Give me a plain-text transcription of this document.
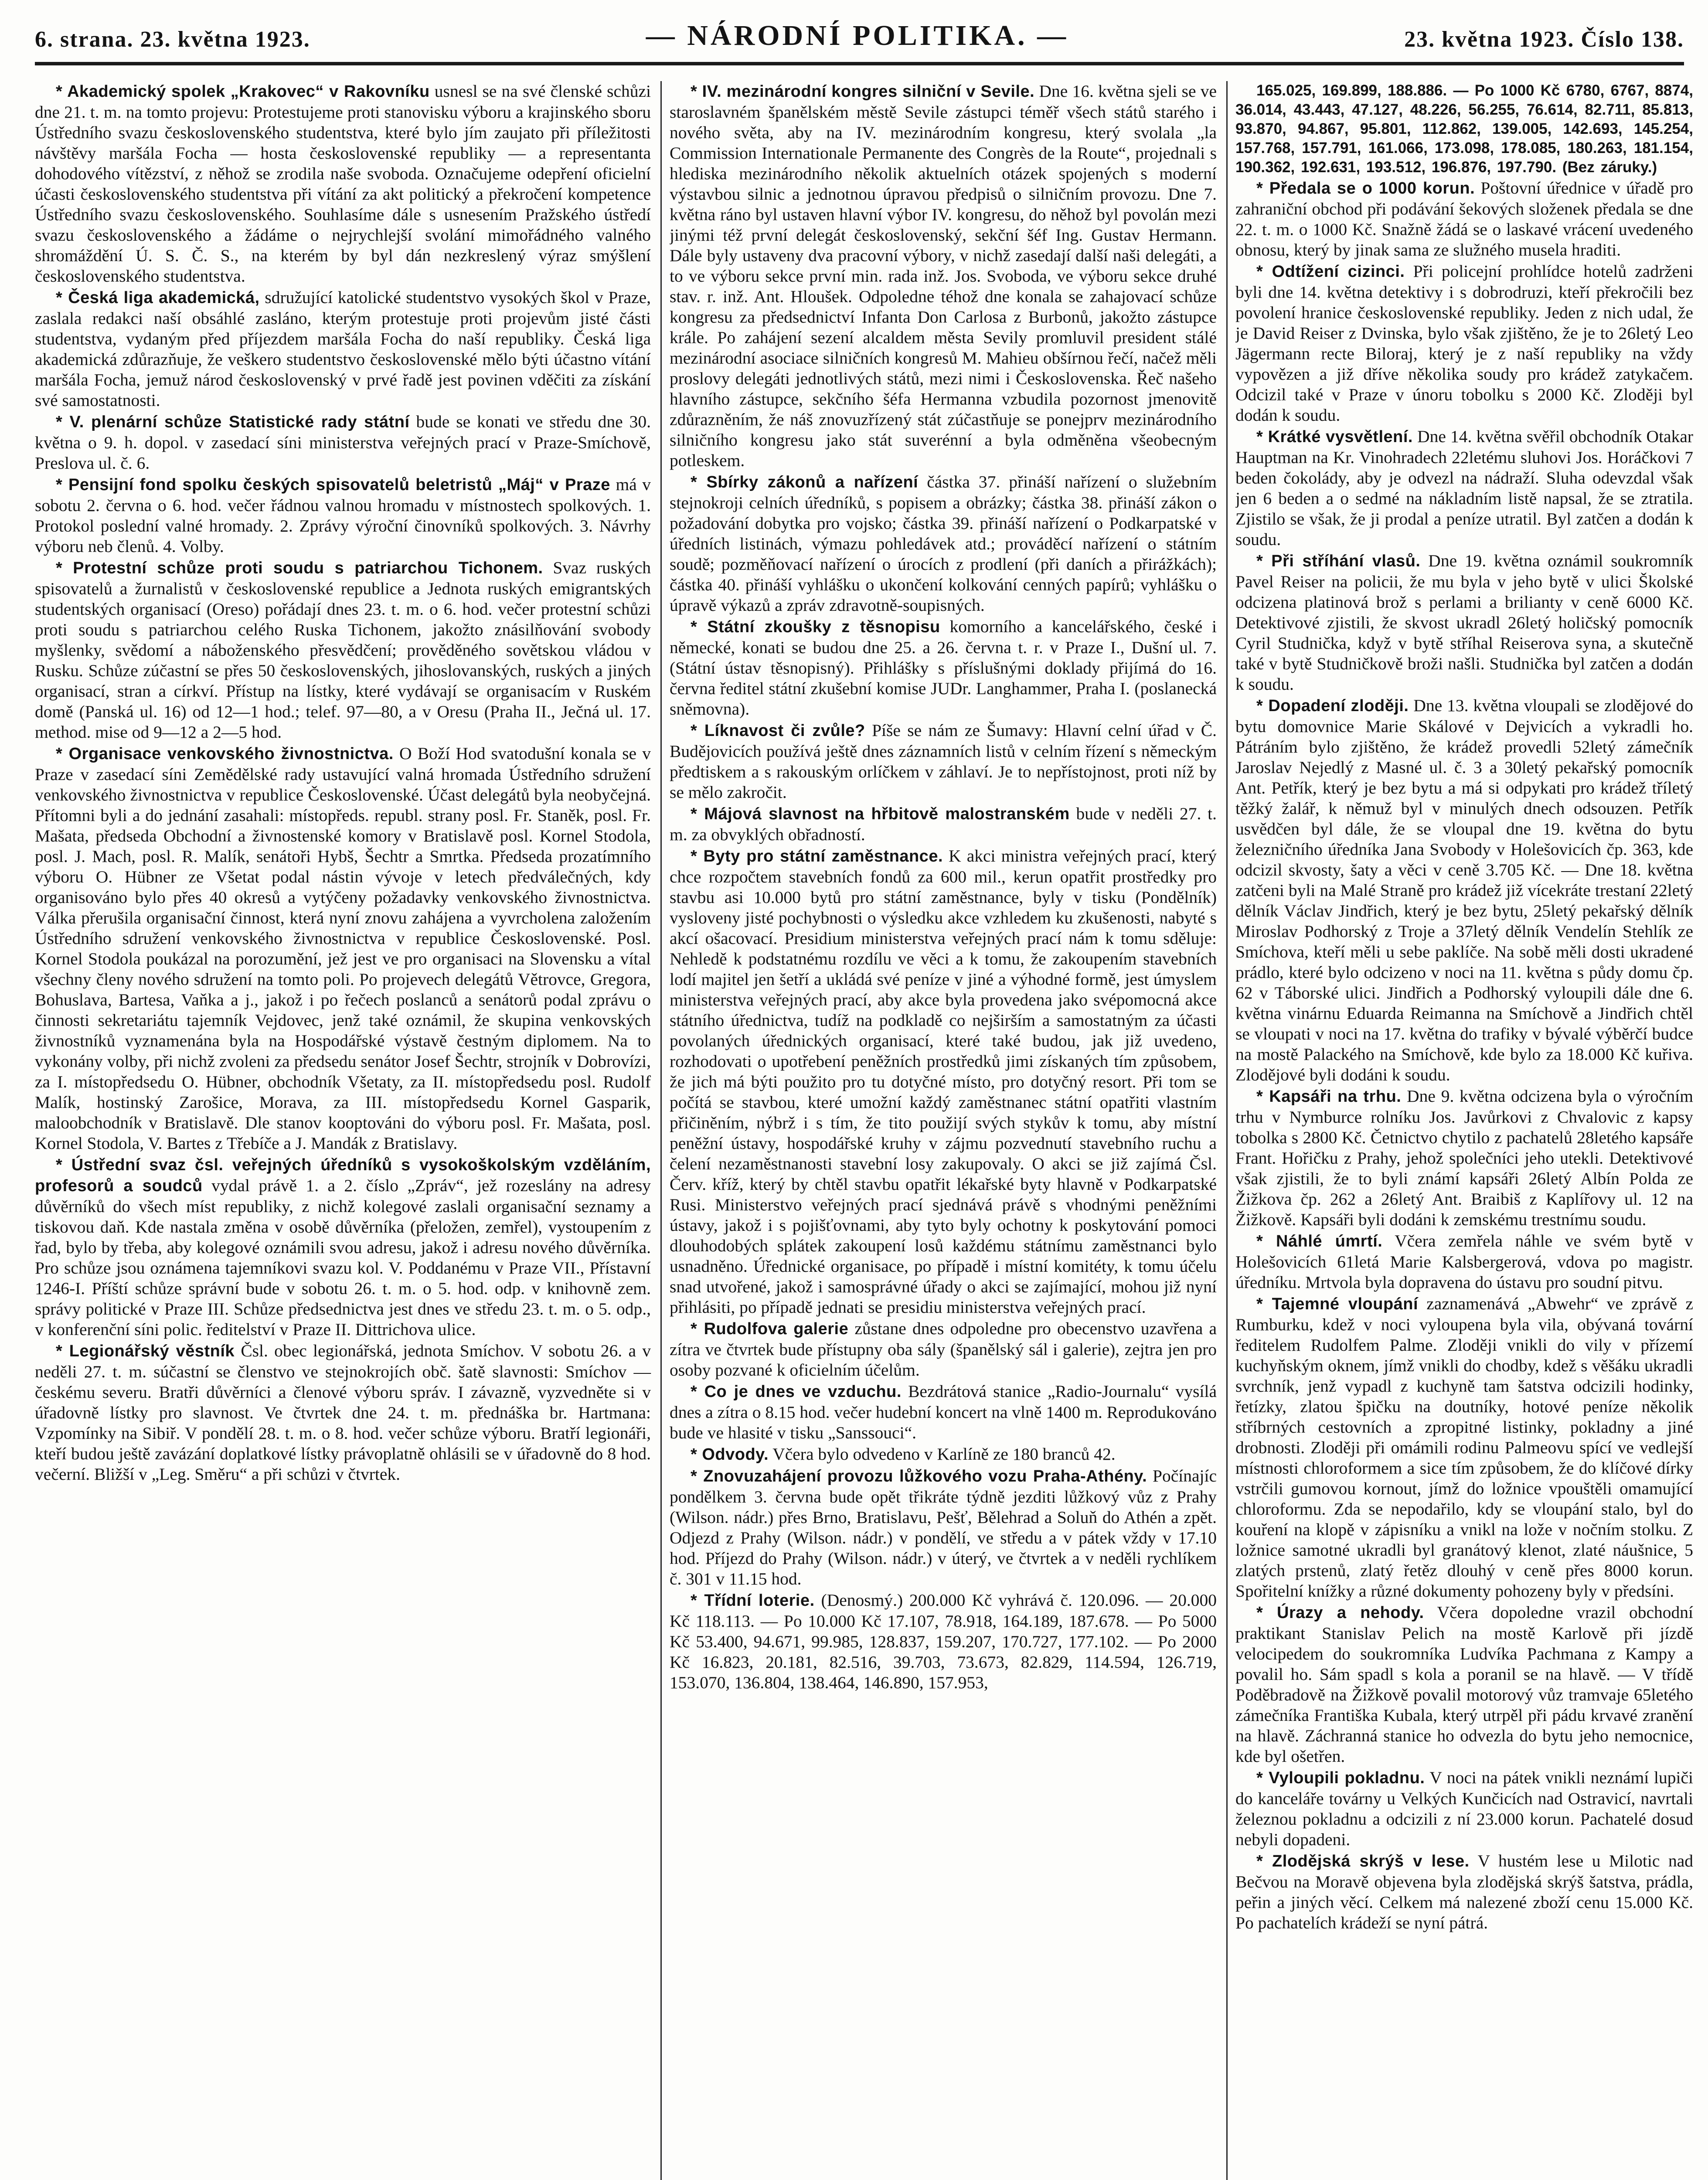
6. strana. 23. května 1923.	— NÁRODNÍ POLITIKA. —	23. května 1923. Číslo 138.

* Akademický spolek „Krakovec“ v Rakovníku usnesl se na své členské schůzi dne 21. t. m. na tomto projevu: Protestujeme proti stanovisku výboru a krajinského sboru Ústředního svazu československého studentstva, které bylo jím zaujato při příležitosti návštěvy maršála Focha — hosta československé republiky — a representanta dohodového vítězství, z něhož se zrodila naše svoboda. Označujeme odepření oficielní účasti československého studentstva při vítání za akt politický a překročení kompetence Ústředního svazu československého. Souhlasíme dále s usnesením Pražského ústředí svazu československého a žádáme o nejrychlejší svolání mimořádného valného shromáždění Ú. S. Č. S., na kterém by byl dán nezkreslený výraz smýšlení československého studentstva.

* Česká liga akademická, sdružující katolické studentstvo vysokých škol v Praze, zaslala redakci naší obsáhlé zaslánо, kterým protestuje proti projevům jisté části studentstva, vydaným před příjezdem maršála Focha do naší republiky. Česká liga akademická zdůrazňuje, že veškero studentstvo československé mělo býti účastno vítání maršála Focha, jemuž národ československý v prvé řadě jest povinen vděčiti za získání své samostatnosti.

* V. plenární schůze Statistické rady státní bude se konati ve středu dne 30. května o 9. h. dopol. v zasedací síni ministerstva veřejných prací v Praze-Smíchově, Preslova ul. č. 6.

* Pensijní fond spolku českých spisovatelů beletristů „Máj“ v Praze má v sobotu 2. června o 6. hod. večer řádnou valnou hromadu v místnostech spolkových. 1. Protokol poslední valné hromady. 2. Zprávy výroční činovníků spolkových. 3. Návrhy výboru neb členů. 4. Volby.

* Protestní schůze proti soudu s patriarchou Tichonem. Svaz ruských spisovatelů a žurnalistů v československé republice a Jednota ruských emigrantských studentských organisací (Oreso) pořádají dnes 23. t. m. o 6. hod. večer protestní schůzi proti soudu s patriarchou celého Ruska Tichonem, jakožto znásilňování svobody myšlenky, svědomí a náboženského přesvědčení; prověděného sovětskou vládou v Rusku. Schůze zúčastní se přes 50 československých, jihoslovanských, ruských a jiných organisací, stran a církví. Přístup na lístky, které vydávají se organisacím v Ruském domě (Panská ul. 16) od 12—1 hod.; telef. 97—80, a v Oresu (Praha II., Ječná ul. 17. method. mise od 9—12 a 2—5 hod.

* Organisace venkovského živnostnictva. O Boží Hod svatodušní konala se v Praze v zasedací síni Zemědělské rady ustavující valná hromada Ústředního sdružení venkovského živnostnictva v republice Československé. Účast delegátů byla neobyčejná. Přítomni byli a do jednání zasahali: místopředs. republ. strany posl. Fr. Staněk, posl. Fr. Mašata, předseda Obchodní a živnostenské komory v Bratislavě posl. Kornel Stodola, posl. J. Mach, posl. R. Malík, senátoři Hybš, Šechtr a Smrtka. Předseda prozatímního výboru O. Hübner ze Všetat podal nástin vývoje v letech předválečných, kdy organisováno bylo přes 40 okresů a vytýčeny požadavky venkovského živnostnictva. Válka přerušila organisační činnost, která nyní znovu zahájena a vyvrcholena založením Ústředního sdružení venkovského živnostnictva v republice Československé. Posl. Kornel Stodola poukázal na porozumění, jež jest ve pro organisaci na Slovensku a vítal všechny členy nového sdružení na tomto poli. Po projevech delegátů Větrovce, Gregora, Bohuslava, Bartesa, Vaňka a j., jakož i po řečech poslanců a senátorů podal zprávu o činnosti sekretariátu tajemník Vejdovec, jenž také oznámil, že skupina venkovských živnostníků vyznamenána byla na Hospodářské výstavě čestným diplomem. Na to vykonány volby, při nichž zvoleni za předsedu senátor Josef Šechtr, strojník v Dobrovízi, za I. místopředsedu O. Hübner, obchodník Všetaty, za II. místopředsedu posl. Rudolf Malík, hostinský Zarošice, Morava, za III. místopředsedu Kornel Gasparik, maloobchodník v Bratislavě. Dle stanov kooptováni do výboru posl. Fr. Mašata, posl. Kornel Stodola, V. Bartes z Třebíče a J. Mandák z Bratislavy.

* Ústřední svaz čsl. veřejných úředníků s vysokoškolským vzděláním, profesorů a soudců vydal právě 1. a 2. číslo „Zpráv“, jež rozeslány na adresy důvěrníků do všech míst republiky, z nichž kolegové zaslali organisační seznamy a tiskovou daň. Kde nastala změna v osobě důvěrníka (přeložen, zemřel), vystoupením z řad, bylo by třeba, aby kolegové oznámili svou adresu, jakož i adresu nového důvěrníka. Pro schůze jsou oznámena tajemníkovi svazu kol. V. Poddanému v Praze VII., Přístavní 1246-I. Příští schůze správní bude v sobotu 26. t. m. o 5. hod. odp. v knihovně zem. správy politické v Praze III. Schůze předsednictva jest dnes ve středu 23. t. m. o 5. odp., v konferenční síni polic. ředitelství v Praze II. Dittrichova ulice.

* Legionářský věstník Čsl. obec legionářská, jednota Smíchov. V sobotu 26. a v neděli 27. t. m. súčastní se členstvo ve stejnokrojích obč. šatě slavnosti: Smíchov — českému severu. Bratři důvěrníci a členové výboru správ. I závazně, vyzvedněte si v úřadovně lístky pro slavnost. Ve čtvrtek dne 24. t. m. přednáška br. Hartmana: Vzpomínky na Sibiř. V pondělí 28. t. m. o 8. hod. večer schůze výboru. Bratří legionáři, kteří budou ještě zavázání doplatkové lístky právoplatně ohlásili se v úřadovně do 8 hod. večerní. Bližší v „Leg. Směru“ a při schůzi v čtvrtek.

* IV. mezinárodní kongres silniční v Sevile. Dne 16. května sjeli se ve staroslavném španělském městě Sevile zástupci téměř všech států starého i nového světa, aby na IV. mezinárodním kongresu, který svolala „la Commission Internationale Permanente des Congrès de la Route“, projednali s hlediska mezinárodního několik aktuelních otázek spojených s moderní výstavbou silnic a jednotnou úpravou předpisů o silničním provozu. Dne 7. května ráno byl ustaven hlavní výbor IV. kongresu, do něhož byl povolán mezi jinými též první delegát československý, sekční šéf Ing. Gustav Hermann. Dále byly ustaveny dva pracovní výbory, v nichž zasedají další naši delegáti, a to ve výboru sekce první min. rada inž. Jos. Svoboda, ve výboru sekce druhé stav. r. inž. Ant. Hloušek. Odpoledne téhož dne konala se zahajovací schůze kongresu za předsednictví Infanta Don Carlosa z Burbonů, jakožto zástupce krále. Po zahájení sezení alcaldem města Sevily promluvil president stálé mezinárodní asociace silničních kongresů M. Mahieu obšírnou řečí, načež měli proslovy delegáti jednotlivých států, mezi nimi i Československa. Řeč našeho hlavního zástupce, sekčního šéfa Hermanna vzbudila pozornost jmenovitě zdůrazněním, že náš znovuzřízený stát zúčastňuje se ponejprv mezinárodního silničního kongresu jako stát suverénní a byla odměněna všeobecným potleskem.

* Sbírky zákonů a nařízení částka 37. přináší nařízení o služebním stejnokroji celních úředníků, s popisem a obrázky; částka 38. přináší zákon o požadování dobytka pro vojsko; částka 39. přináší nařízení o Podkarpatské v úředních listinách, výmazu pohledávek atd.; prováděcí nařízení o státním soudě; pozměňovací nařízení o úrocích z prodlení (při daních a přirážkách); částka 40. přináší vyhlášku o ukončení kolkování cenných papírů; vyhlášku o úpravě výkazů a zpráv zdravotně-soupisných.

* Státní zkoušky z těsnopisu komorního a kancelářského, české i německé, konati se budou dne 25. a 26. června t. r. v Praze I., Dušní ul. 7. (Státní ústav těsnopisný). Přihlášky s příslušnými doklady přijímá do 16. června ředitel státní zkušební komise JUDr. Langhammer, Praha I. (poslanecká sněmovna).

* Líknavost či zvůle? Píše se nám ze Šumavy: Hlavní celní úřad v Č. Budějovicích používá ještě dnes záznamních listů v celním řízení s německým předtiskem a s rakouským orlíčkem v záhlaví. Je to nepřístojnost, proti níž by se mělo zakročit.

* Májová slavnost na hřbitově malostranském bude v neděli 27. t. m. za obvyklých obřadností.

* Byty pro státní zaměstnance. K akci ministra veřejných prací, který chce rozpočtem stavebních fondů za 600 mil., kerun opatřit prostředky pro stavbu asi 10.000 bytů pro státní zaměstnance, byly v tisku (Pondělník) vysloveny jisté pochybnosti o výsledku akce vzhledem ku zkušenosti, nabyté s akcí ošacovací. Presidium ministerstva veřejných prací nám k tomu sděluje: Nehledě k podstatnému rozdílu ve věci a k tomu, že zakoupením stavebních lodí majitel jen šetří a ukládá své peníze v jiné a výhodné formě, jest úmyslem ministerstva veřejných prací, aby akce byla provedena jako svépomocná akce státního úřednictva, tudíž na podkladě co nejširším a samostatným za účasti povolaných úřednických organisací, které také budou, jak již uvedeno, rozhodovati o upotřebení peněžních prostředků jimi získaných tím způsobem, že jich má býti použito pro tu dotyčné místo, pro dotyčný resort. Při tom se počítá se stavbou, které umožní každý zaměstnanec státní opatřiti vlastním přičiněním, nýbrž i s tím, že tito použijí svých stykův k tomu, aby místní peněžní ústavy, hospodářské kruhy v zájmu pozvednutí stavebního ruchu a čelení nezaměstnanosti stavební losy zakupovaly. O akci se již zajímá Čsl. Červ. kříž, který by chtěl stavbu opatřit lékařské byty hlavně v Podkarpatské Rusi. Ministerstvo veřejných prací sjednává právě s vhodnými peněžními ústavy, jakož i s pojišťovnami, aby tyto byly ochotny k poskytování pomoci dlouhodobých splátek zakoupení losů každému státnímu zaměstnanci bylo usnadněno. Úřednické organisace, po případě i místní komitéty, k tomu účelu snad utvořené, jakož i samosprávné úřady o akci se zajímající, mohou již nyní přihlásiti, po případě jednati se presidiu ministerstva veřejných prací.

* Rudolfova galerie zůstane dnes odpoledne pro obecenstvo uzavřena a zítra ve čtvrtek bude přístupny oba sály (španělský sál i galerie), zejtra jen pro osoby pozvané k oficielním účelům.

* Co je dnes ve vzduchu. Bezdrátová stanice „Radio-Journalu“ vysílá dnes a zítra o 8.15 hod. večer hudební koncert na vlně 1400 m. Reprodukováno bude ve hlasité v tisku „Sanssouci“.

* Odvody. Včera bylo odvedeno v Karlíně ze 180 branců 42.

* Znovuzahájení provozu lůžkového vozu Praha-Athény. Počínajíc pondělkem 3. června bude opět třikráte týdně jezditi lůžkový vůz z Prahy (Wilson. nádr.) přes Brno, Bratislavu, Pešť, Bělehrad a Soluň do Athén a zpět. Odjezd z Prahy (Wilson. nádr.) v pondělí, ve středu a v pátek vždy v 17.10 hod. Příjezd do Prahy (Wilson. nádr.) v úterý, ve čtvrtek a v neděli rychlíkem č. 301 v 11.15 hod.

* Třídní loterie. (Denosmý.) 200.000 Kč vyhrává č. 120.096. — 20.000 Kč 118.113. — Po 10.000 Kč 17.107, 78.918, 164.189, 187.678. — Po 5000 Kč 53.400, 94.671, 99.985, 128.837, 159.207, 170.727, 177.102. — Po 2000 Kč 16.823, 20.181, 82.516, 39.703, 73.673, 82.829, 114.594, 126.719, 153.070, 136.804, 138.464, 146.890, 157.953,

165.025, 169.899, 188.886. — Po 1000 Kč 6780, 6767, 8874, 36.014, 43.443, 47.127, 48.226, 56.255, 76.614, 82.711, 85.813, 93.870, 94.867, 95.801, 112.862, 139.005, 142.693, 145.254, 157.768, 157.791, 161.066, 173.098, 178.085, 180.263, 181.154, 190.362, 192.631, 193.512, 196.876, 197.790. (Bez záruky.)

* Předala se o 1000 korun. Poštovní úřednice v úřadě pro zahraniční obchod při podávání šekových složenek předala se dne 22. t. m. o 1000 Kč. Snažně žádá se o laskavé vrácení uvedeného obnosu, který by jinak sama ze služného musela hraditi.

* Odtížení cizinci. Při policejní prohlídce hotelů zadrženi byli dne 14. května detektivy i s dobrodruzi, kteří překročili bez povolení hranice československé republiky. Jeden z nich udal, že je David Reiser z Dvinska, bylo však zjištěno, že je to 26letý Leo Jägermann recte Biloraj, který je z naší republiky na vždy vypovězen a již dříve několika soudy pro krádež zatykačem. Odcizil také v Praze v únoru tobolku s 2000 Kč. Zloději byl dodán k soudu.

* Krátké vysvětlení. Dne 14. května svěřil obchodník Otakar Hauptman na Kr. Vinohradech 22letému sluhovi Jos. Horáčkovi 7 beden čokolády, aby je odvezl na nádraží. Sluha odevzdal však jen 6 beden a o sedmé na nákladním listě napsal, že se ztratila. Zjistilo se však, že ji prodal a peníze utratil. Byl zatčen a dodán k soudu.

* Při stříhání vlasů. Dne 19. května oznámil soukromník Pavel Reiser na policii, že mu byla v jeho bytě v ulici Školské odcizena platinová brož s perlami a brilianty v ceně 6000 Kč. Detektivové zjistili, že skvost ukradl 26letý holičský pomocník Cyril Studnička, když v bytě stříhal Reiserova syna, a skutečně také v bytě Studničkově broži našli. Studnička byl zatčen a dodán k soudu.

* Dopadení zloději. Dne 13. května vloupali se zlodějové do bytu domovnice Marie Skálové v Dejvicích a vykradli ho. Pátráním bylo zjištěno, že krádež provedli 52letý zámečník Jaroslav Nejedlý z Masné ul. č. 3 a 30letý pekařský pomocník Ant. Petřík, který je bez bytu a má si odpykati pro krádež tříletý těžký žalář, k němuž byl v minulých dnech odsouzen. Petřík usvědčen byl dále, že se vloupal dne 19. května do bytu železničního úředníka Jana Svobody v Holešovicích čp. 363, kde odcizil skvosty, šaty a věci v ceně 3.705 Kč. — Dne 18. května zatčeni byli na Malé Straně pro krádež již vícekráte trestaní 22letý dělník Václav Jindřich, který je bez bytu, 25letý pekařský dělník Miroslav Podhorský z Troje a 37letý dělník Vendelín Stehlík ze Smíchova, kteří měli u sebe paklíče. Na sobě měli dosti ukradené prádlo, které bylo odcizeno v noci na 11. května s půdy domu čp. 62 v Táborské ulici. Jindřich a Podhorský vyloupili dále dne 6. května vinárnu Eduarda Reimanna na Smíchově a Jindřich chtěl se vloupati v noci na 17. května do trafiky v bývalé výběrčí budce na mostě Palackého na Smíchově, kde bylo za 18.000 Kč kuřiva. Zlodějové byli dodáni k soudu.

* Kapsáři na trhu. Dne 9. května odcizena byla o výročním trhu v Nymburce rolníku Jos. Javůrkovi z Chvalovic z kapsy tobolka s 2800 Kč. Četnictvo chytilo z pachatelů 28letého kapsáře Frant. Hořičku z Prahy, jehož společníci jeho utekli. Detektivové však zjistili, že to byli známí kapsáři 26letý Albín Polda ze Žižkova čp. 262 a 26letý Ant. Braibiš z Kaplířovy ul. 12 na Žižkově. Kapsáři byli dodáni k zemskému trestnímu soudu.

* Náhlé úmrtí. Včera zemřela náhle ve svém bytě v Holešovicích 61letá Marie Kalsbergerová, vdova po magistr. úředníku. Mrtvola byla dopravena do ústavu pro soudní pitvu.

* Tajemné vloupání zaznamenává „Abwehr“ ve zprávě z Rumburku, kdež v noci vyloupena byla vila, obývaná tovární ředitelem Rudolfem Palme. Zloději vnikli do vily v přízemí kuchyňským oknem, jímž vnikli do chodby, kdež s věšáku ukradli svrchník, jenž vypadl z kuchyně tam šatstva odcizili hodinky, řetízky, zlatou špičku na doutníky, hotové peníze několik stříbrných cestovních a zpropitné listinky, pokladny a jiné drobnosti. Zloději při omámili rodinu Palmeovu spící ve vedlejší místnosti chloroformem a sice tím způsobem, že do klíčové dírky vstrčili gumovou kornout, jímž do ložnice vpouštěli omamující chloroformu. Zda se nepodařilo, kdy se vloupání stalo, byl do kouření na klopě v zápisníku a vnikl na lože v nočním stolku. Z ložnice samotné ukradli byl granátový klenot, zlaté náušnice, 5 zlatých prstenů, zlatý řetěz dlouhý v ceně přes 8000 korun. Spořitelní knížky a různé dokumenty pohozeny byly v předsíni.

* Úrazy a nehody. Včera dopoledne vrazil obchodní praktikant Stanislav Pelich na mostě Karlově při jízdě velocipedem do soukromníka Ludvíka Pachmana z Kampy a povalil ho. Sám spadl s kola a poranil se na hlavě. — V třídě Poděbradově na Žižkově povalil motorový vůz tramvaje 65letého zámečníka Františka Kubala, který utrpěl při pádu krvavé zranění na hlavě. Záchranná stanice ho odvezla do bytu jeho nemocnice, kde byl ošetřen.

* Vyloupili pokladnu. V noci na pátek vnikli neznámí lupiči do kanceláře továrny u Velkých Kunčicích nad Ostravicí, navrtali železnou pokladnu a odcizili z ní 23.000 korun. Pachatelé dosud nebyli dopadeni.

* Zlodějská skrýš v lese. V hustém lese u Milotic nad Bečvou na Moravě objevena byla zlodějská skrýš šatstva, prádla, peřin a jiných věcí. Celkem má nalezené zboží cenu 15.000 Kč. Po pachatelích krádeží se nyní pátrá.
